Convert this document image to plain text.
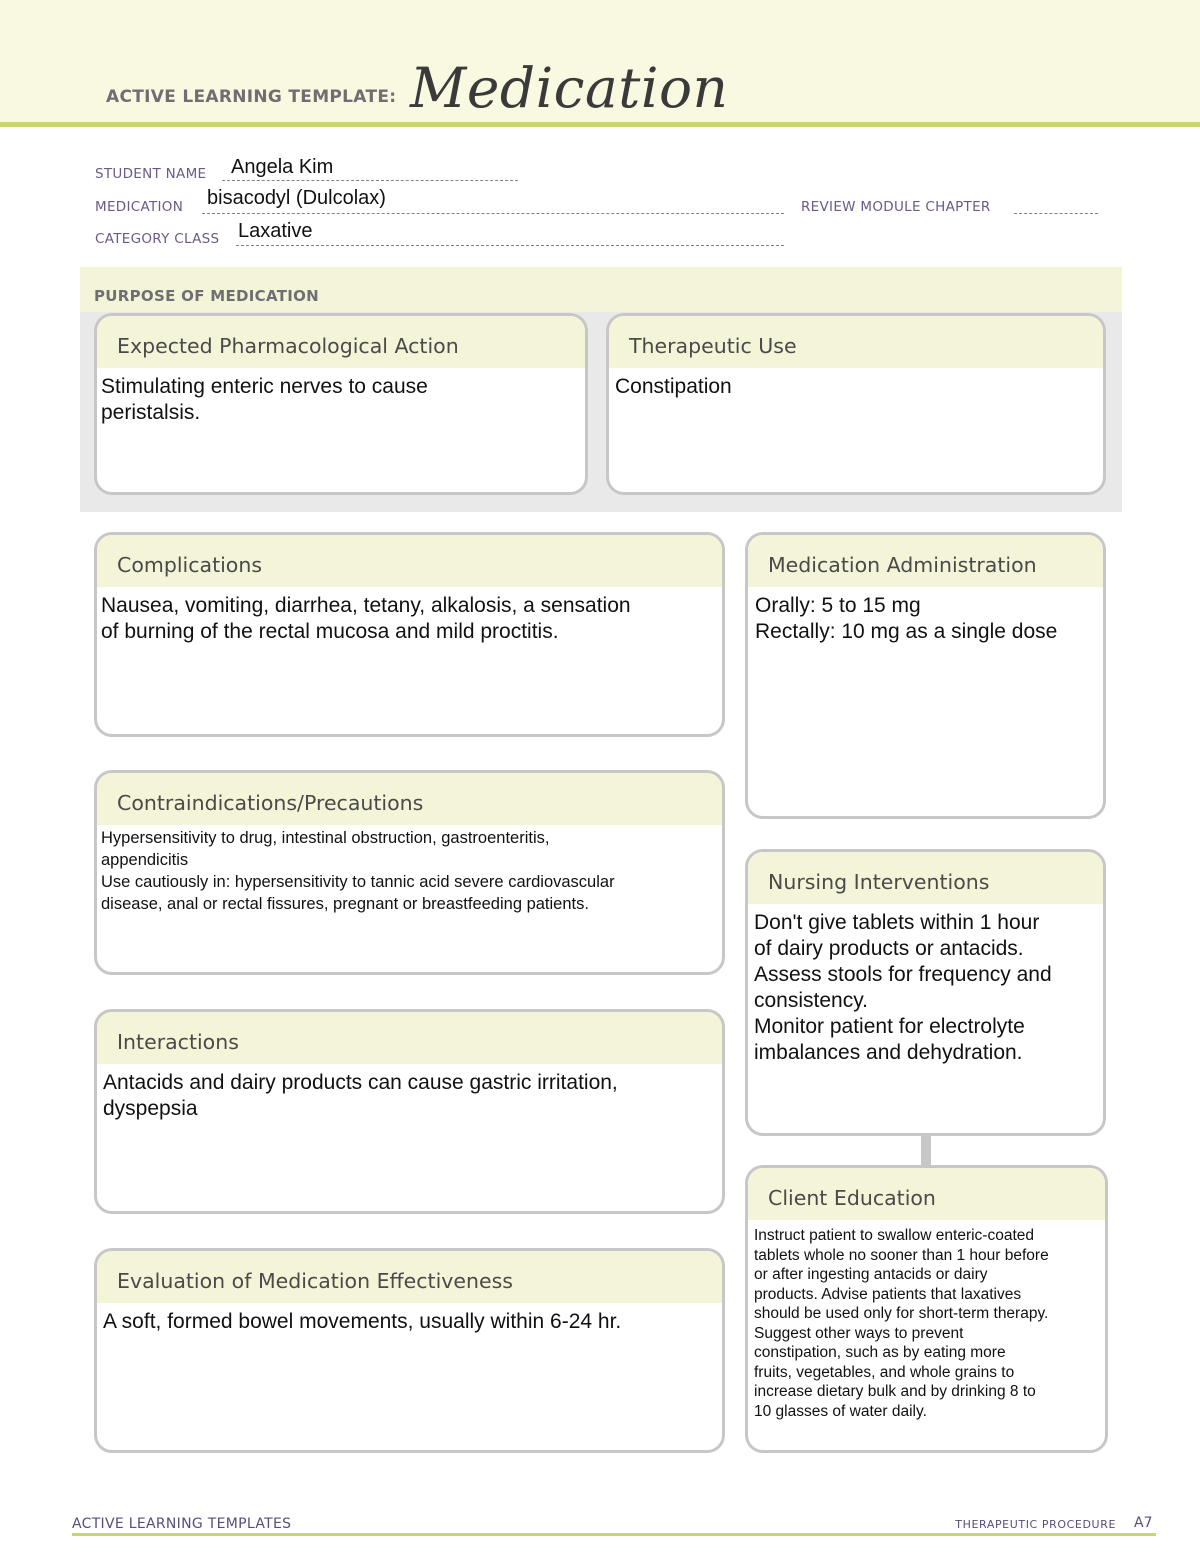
ACTIVE LEARNING TEMPLATE: Medication
STUDENT NAME Angela Kim
MEDICATION bisacodyl (Dulcolax)	REVIEW MODULE CHAPTER
CATEGORY CLASS Laxative
PURPOSE OF MEDICATION
Expected Pharmacological Action
Stimulating enteric nerves to cause
peristalsis.
Therapeutic Use
Constipation
Complications
Nausea, vomiting, diarrhea, tetany, alkalosis, a sensation
of burning of the rectal mucosa and mild proctitis.
Medication Administration
Orally: 5 to 15 mg
Rectally: 10 mg as a single dose
Contraindications/Precautions
Hypersensitivity to drug, intestinal obstruction, gastroenteritis,
appendicitis
Use cautiously in: hypersensitivity to tannic acid severe cardiovascular
disease, anal or rectal fissures, pregnant or breastfeeding patients.
Nursing Interventions
Don't give tablets within 1 hour
of dairy products or antacids.
Assess stools for frequency and
consistency.
Monitor patient for electrolyte
imbalances and dehydration.
Interactions
Antacids and dairy products can cause gastric irritation,
dyspepsia
Client Education
Instruct patient to swallow enteric-coated
tablets whole no sooner than 1 hour before
or after ingesting antacids or dairy
products. Advise patients that laxatives
should be used only for short-term therapy.
Suggest other ways to prevent
constipation, such as by eating more
fruits, vegetables, and whole grains to
increase dietary bulk and by drinking 8 to
10 glasses of water daily.
Evaluation of Medication Effectiveness
A soft, formed bowel movements, usually within 6-24 hr.
ACTIVE LEARNING TEMPLATES	THERAPEUTIC PROCEDURE A7
